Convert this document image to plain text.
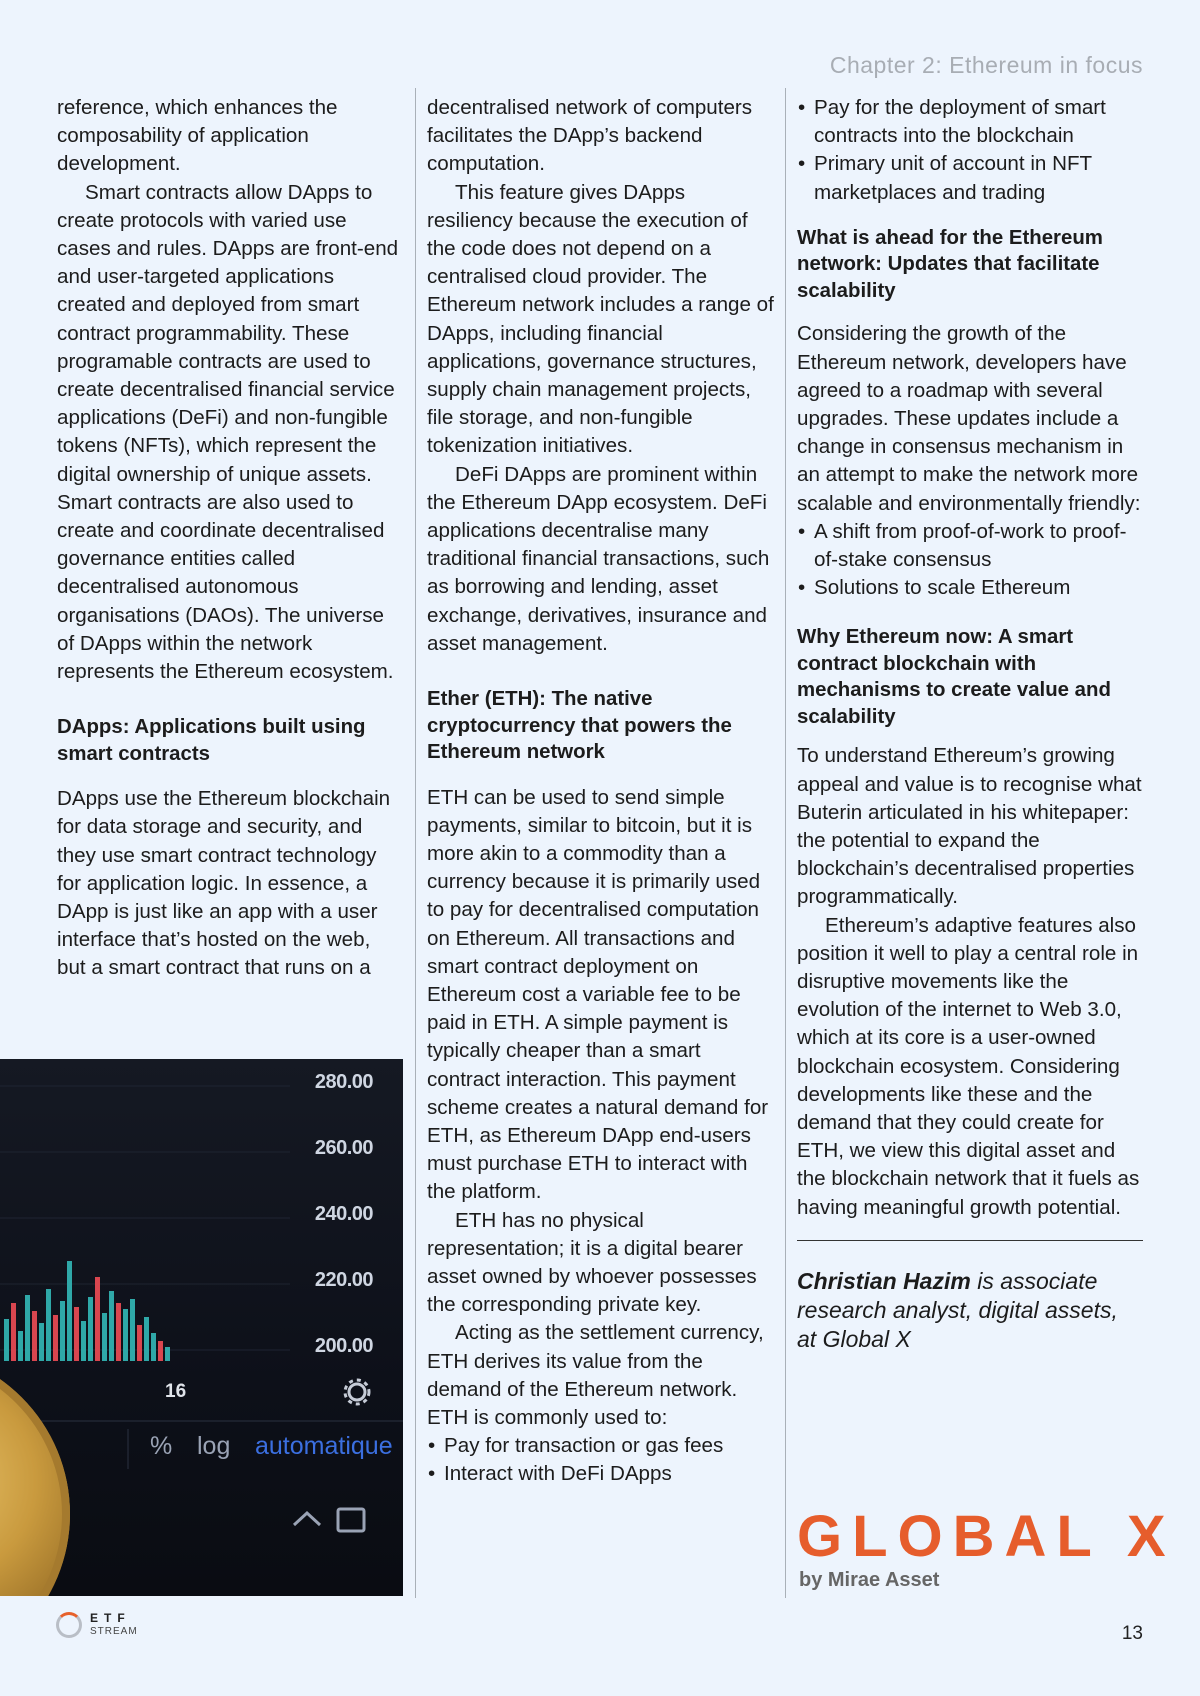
Chapter 2: Ethereum in focus

reference, which enhances the composability of application development.

Smart contracts allow DApps to create protocols with varied use cases and rules. DApps are front-end and user-targeted applications created and deployed from smart contract programmability. These programable contracts are used to create decentralised financial service applications (DeFi) and non-fungible tokens (NFTs), which represent the digital ownership of unique assets. Smart contracts are also used to create and coordinate decentralised governance entities called decentralised autonomous organisations (DAOs). The universe of DApps within the network represents the Ethereum ecosystem.

DApps: Applications built using smart contracts

DApps use the Ethereum blockchain for data storage and security, and they use smart contract technology for application logic. In essence, a DApp is just like an app with a user interface that’s hosted on the web, but a smart contract that runs on a

decentralised network of computers facilitates the DApp’s backend computation.

This feature gives DApps resiliency because the execution of the code does not depend on a centralised cloud provider. The Ethereum network includes a range of DApps, including financial applications, governance structures, supply chain management projects, file storage, and non-fungible tokenization initiatives.

DeFi DApps are prominent within the Ethereum DApp ecosystem. DeFi applications decentralise many traditional financial transactions, such as borrowing and lending, asset exchange, derivatives, insurance and asset management.

Ether (ETH): The native cryptocurrency that powers the Ethereum network

ETH can be used to send simple payments, similar to bitcoin, but it is more akin to a commodity than a currency because it is primarily used to pay for decentralised computation on Ethereum. All transactions and smart contract deployment on Ethereum cost a variable fee to be paid in ETH. A simple payment is typically cheaper than a smart contract interaction. This payment scheme creates a natural demand for ETH, as Ethereum DApp end-users must purchase ETH to interact with the platform.

ETH has no physical representation; it is a digital bearer asset owned by whoever possesses the corresponding private key.

Acting as the settlement currency, ETH derives its value from the demand of the Ethereum network. ETH is commonly used to:

• Pay for transaction or gas fees
• Interact with DeFi DApps
• Pay for the deployment of smart contracts into the blockchain
• Primary unit of account in NFT marketplaces and trading

What is ahead for the Ethereum network: Updates that facilitate scalability

Considering the growth of the Ethereum network, developers have agreed to a roadmap with several upgrades. These updates include a change in consensus mechanism in an attempt to make the network more scalable and environmentally friendly:

• A shift from proof-of-work to proof-of-stake consensus
• Solutions to scale Ethereum

Why Ethereum now: A smart contract blockchain with mechanisms to create value and scalability

To understand Ethereum’s growing appeal and value is to recognise what Buterin articulated in his whitepaper: the potential to expand the blockchain’s decentralised properties programmatically.

Ethereum’s adaptive features also position it well to play a central role in disruptive movements like the evolution of the internet to Web 3.0, which at its core is a user-owned blockchain ecosystem. Considering developments like these and the demand that they could create for ETH, we view this digital asset and the blockchain network that it fuels as having meaningful growth potential.

Christian Hazim is associate research analyst, digital assets, at Global X

280.00
260.00
240.00
220.00
200.00
16
% log automatique

GLOBAL X

by Mirae Asset
ETF
STREAM	13
